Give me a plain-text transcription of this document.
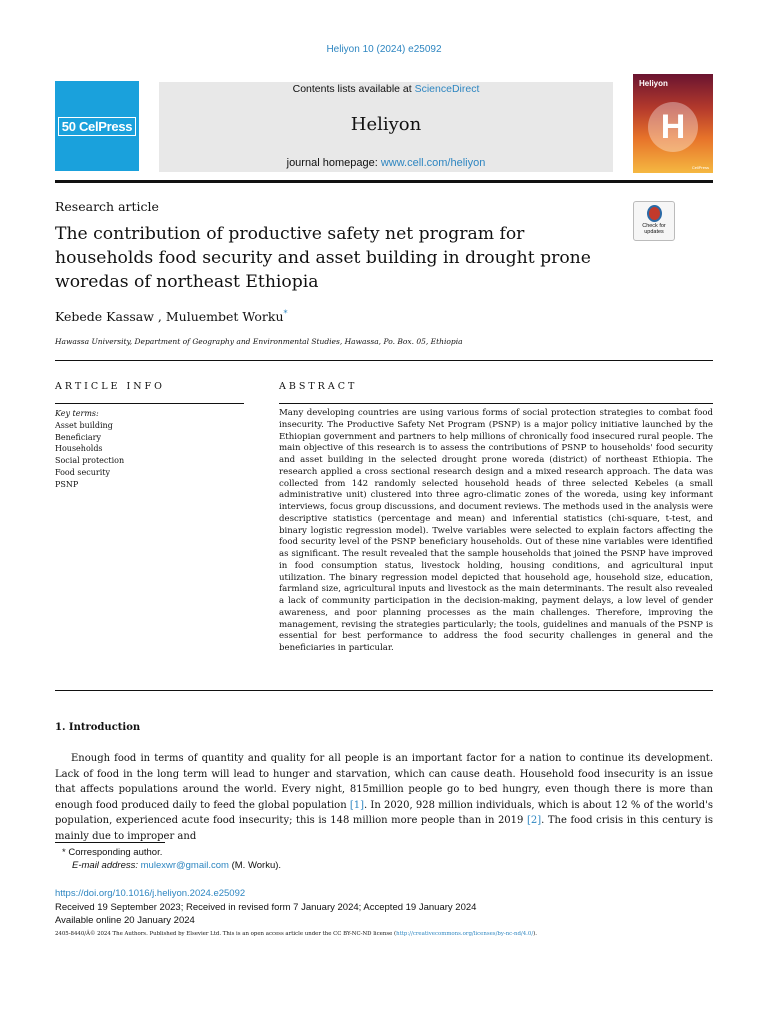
Heliyon 10 (2024) e25092
50 CelPress
Contents lists available at ScienceDirect
Heliyon
journal homepage: www.cell.com/heliyon
Heliyon
H
CellPress
Research article
Check for updates
The contribution of productive safety net program for households food security and asset building in drought prone woredas of northeast Ethiopia
Kebede Kassaw , Muluembet Worku*
Hawassa University, Department of Geography and Environmental Studies, Hawassa, Po. Box. 05, Ethiopia
ARTICLE INFO	ABSTRACT
Key terms:
Asset building
Beneficiary
Households
Social protection
Food security
PSNP
Many developing countries are using various forms of social protection strategies to combat food insecurity. The Productive Safety Net Program (PSNP) is a major policy initiative launched by the Ethiopian government and partners to help millions of chronically food insecured rural people. The main objective of this research is to assess the contributions of PSNP to households' food security and asset building in the selected drought prone woreda (district) of northeast Ethiopia. The research applied a cross sectional research design and a mixed research approach. The data was collected from 142 randomly selected household heads of three selected Kebeles (a small administrative unit) clustered into three agro-climatic zones of the woreda, using key informant interviews, focus group discussions, and document reviews. The methods used in the analysis were descriptive statistics (percentage and mean) and inferential statistics (chi-square, t-test, and binary logistic regression model). Twelve variables were selected to explain factors affecting the food security level of the PSNP beneficiary households. Out of these nine variables were identified as significant. The result revealed that the sample households that joined the PSNP have improved in food consumption status, livestock holding, housing conditions, and agricultural input utilization. The binary regression model depicted that household age, household size, education, farmland size, agricultural inputs and livestock as the main determinants. The result also revealed a lack of community participation in the decision-making, payment delays, a low level of gender awareness, and poor planning processes as the main challenges. Therefore, improving the management, revising the strategies particularly; the tools, guidelines and manuals of the PSNP is essential for best performance to address the food security challenges in general and the beneficiaries in particular.
1. Introduction
Enough food in terms of quantity and quality for all people is an important factor for a nation to continue its development. Lack of food in the long term will lead to hunger and starvation, which can cause death. Household food insecurity is an issue that affects populations around the world. Every night, 815million people go to bed hungry, even though there is more than enough food produced daily to feed the global population [1]. In 2020, 928 million individuals, which is about 12 % of the world's population, experienced acute food insecurity; this is 148 million more people than in 2019 [2]. The food crisis in this century is mainly due to improper and
* Corresponding author.
E-mail address: mulexwr@gmail.com (M. Worku).
https://doi.org/10.1016/j.heliyon.2024.e25092
Received 19 September 2023; Received in revised form 7 January 2024; Accepted 19 January 2024
Available online 20 January 2024
2405-8440/Â© 2024 The Authors. Published by Elsevier Ltd. This is an open access article under the CC BY-NC-ND license (http://creativecommons.org/licenses/by-nc-nd/4.0/).
